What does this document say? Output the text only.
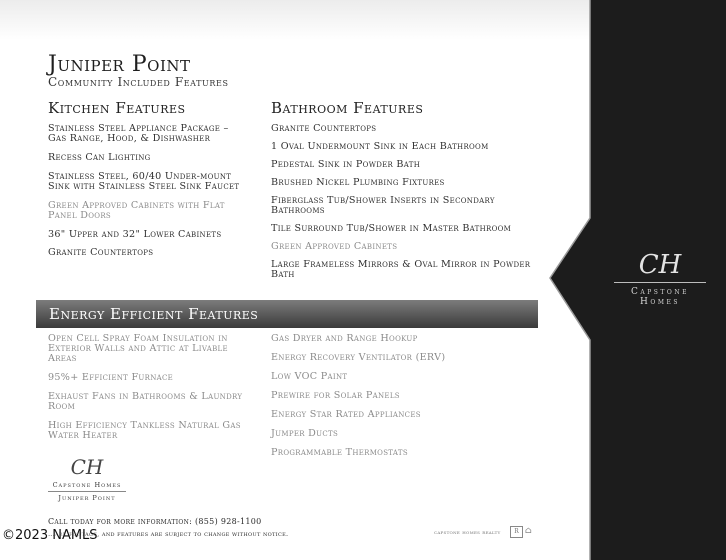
Juniper Point
Community Included Features
Kitchen Features

Stainless Steel Appliance Package – Gas Range, Hood, & Dishwasher

Recess Can Lighting

Stainless Steel, 60/40 Under-mount Sink with Stainless Steel Sink Faucet

Green Approved Cabinets with Flat Panel Doors

36" Upper and 32" Lower Cabinets

Granite Countertops

Bathroom Features

Granite Countertops

1 Oval Undermount Sink in Each Bathroom

Pedestal Sink in Powder Bath

Brushed Nickel Plumbing Fixtures

Fiberglass Tub/Shower Inserts in Secondary Bathrooms

Tile Surround Tub/Shower in Master Bathroom

Green Approved Cabinets

Large Frameless Mirrors & Oval Mirror in Powder Bath

Energy Efficient Features

Open Cell Spray Foam Insulation in Exterior Walls and Attic at Livable Areas

95%+ Efficient Furnace

Exhaust Fans in Bathrooms & Laundry Room

High Efficiency Tankless Natural Gas Water Heater

Gas Dryer and Range Hookup

Energy Recovery Ventilator (ERV)

Low VOC Paint

Prewire for Solar Panels

Energy Star Rated Appliances

Jumper Ducts

Programmable Thermostats

CH
Capstone Homes
Juniper Point
Call today for more information: (855) 928-1100
…are footage, and features are subject to change without notice.	capstone homes realty	R ⌂
CH
Capstone
Homes
©2023 NAMLS
